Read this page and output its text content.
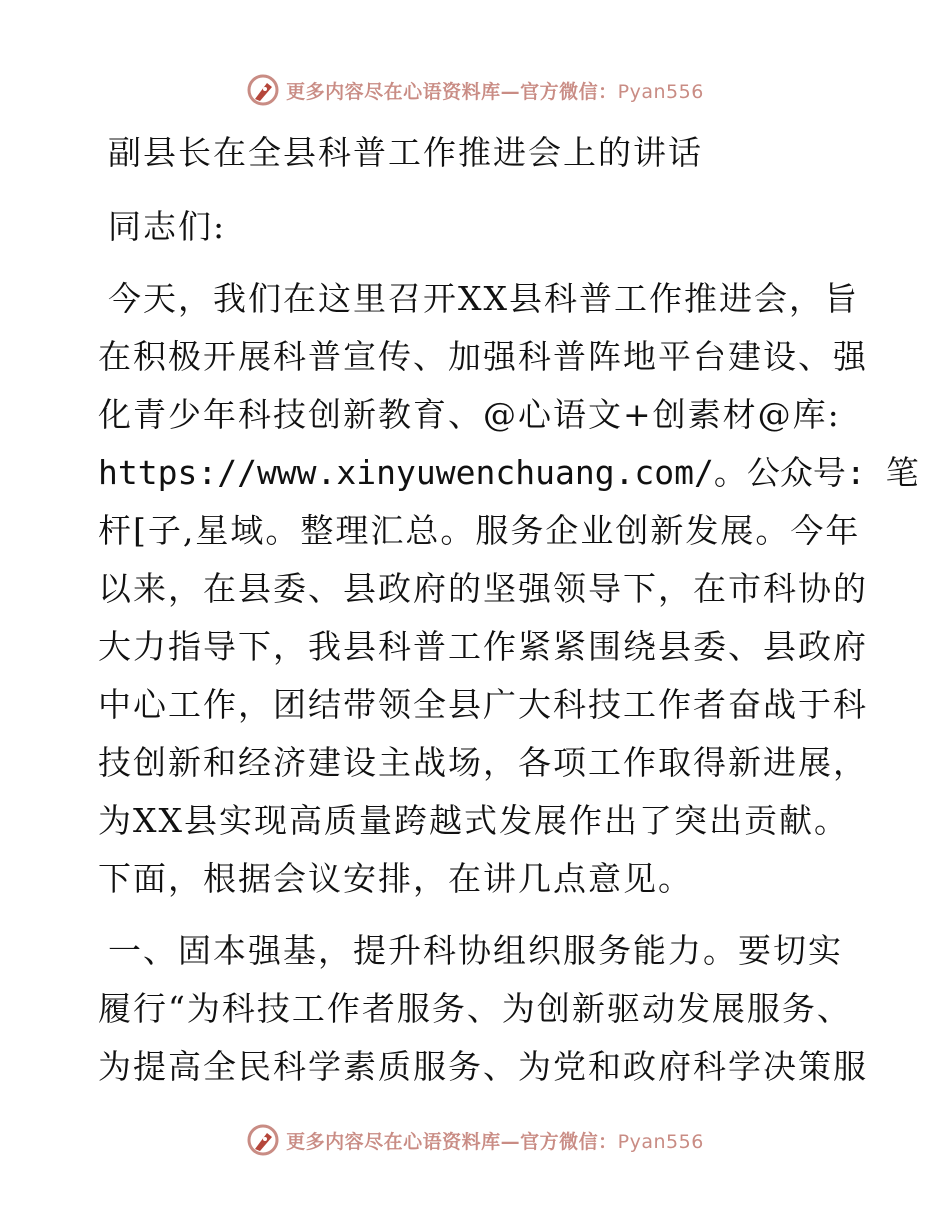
更多内容尽在心语资料库—官方微信：Pyan556
副县长在全县科普工作推进会上的讲话
同志们:
今天，我们在这里召开XX县科普工作推进会，旨
在积极开展科普宣传、加强科普阵地平台建设、强
化青少年科技创新教育、@心语文+创素材@库:
https://www.xinyuwenchuang.com/。公众号: 笔
杆[子,星域。整理汇总。服务企业创新发展。今年
以来，在县委、县政府的坚强领导下，在市科协的
大力指导下，我县科普工作紧紧围绕县委、县政府
中心工作，团结带领全县广大科技工作者奋战于科
技创新和经济建设主战场，各项工作取得新进展，
为XX县实现高质量跨越式发展作出了突出贡献。
下面，根据会议安排，在讲几点意见。
一、固本强基，提升科协组织服务能力。要切实
履行“为科技工作者服务、为创新驱动发展服务、
为提高全民科学素质服务、为党和政府科学决策服
更多内容尽在心语资料库—官方微信：Pyan556
